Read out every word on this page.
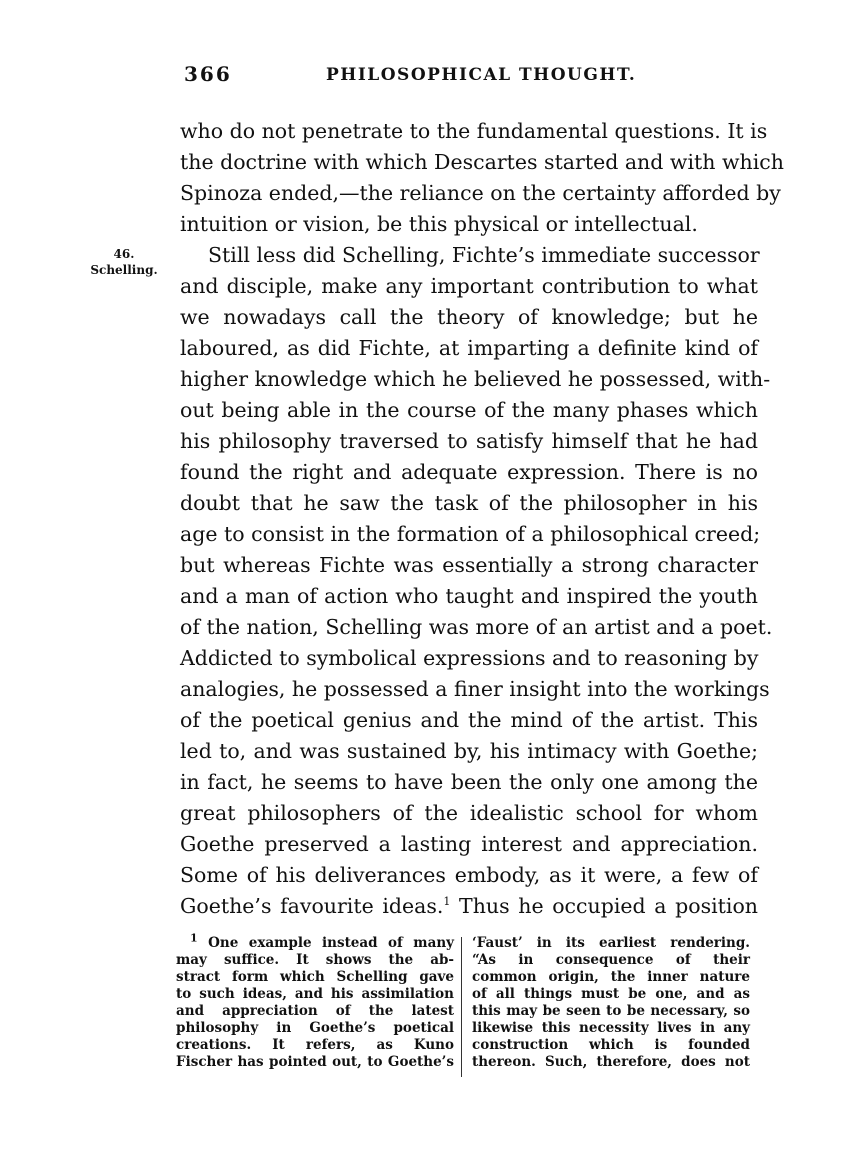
366	PHILOSOPHICAL THOUGHT.
46.
Schelling.
who do not penetrate to the fundamental questions. It is
the doctrine with which Descartes started and with which
Spinoza ended,—the reliance on the certainty afforded by
intuition or vision, be this physical or intellectual.
Still less did Schelling, Fichte’s immediate successor
and disciple, make any important contribution to what
we nowadays call the theory of knowledge; but he
laboured, as did Fichte, at imparting a definite kind of
higher knowledge which he believed he possessed, with-
out being able in the course of the many phases which
his philosophy traversed to satisfy himself that he had
found the right and adequate expression. There is no
doubt that he saw the task of the philosopher in his
age to consist in the formation of a philosophical creed;
but whereas Fichte was essentially a strong character
and a man of action who taught and inspired the youth
of the nation, Schelling was more of an artist and a poet.
Addicted to symbolical expressions and to reasoning by
analogies, he possessed a finer insight into the workings
of the poetical genius and the mind of the artist. This
led to, and was sustained by, his intimacy with Goethe;
in fact, he seems to have been the only one among the
great philosophers of the idealistic school for whom
Goethe preserved a lasting interest and appreciation.
Some of his deliverances embody, as it were, a few of
Goethe’s favourite ideas.$^1$ Thus he occupied a position
$^1$ One example instead of many
may suffice. It shows the ab-
stract form which Schelling gave
to such ideas, and his assimilation
and appreciation of the latest
philosophy in Goethe’s poetical
creations. It refers, as Kuno
Fischer has pointed out, to Goethe’s
‘Faust’ in its earliest rendering.
“As in consequence of their
common origin, the inner nature
of all things must be one, and as
this may be seen to be necessary, so
likewise this necessity lives in any
construction which is founded
thereon. Such, therefore, does not
